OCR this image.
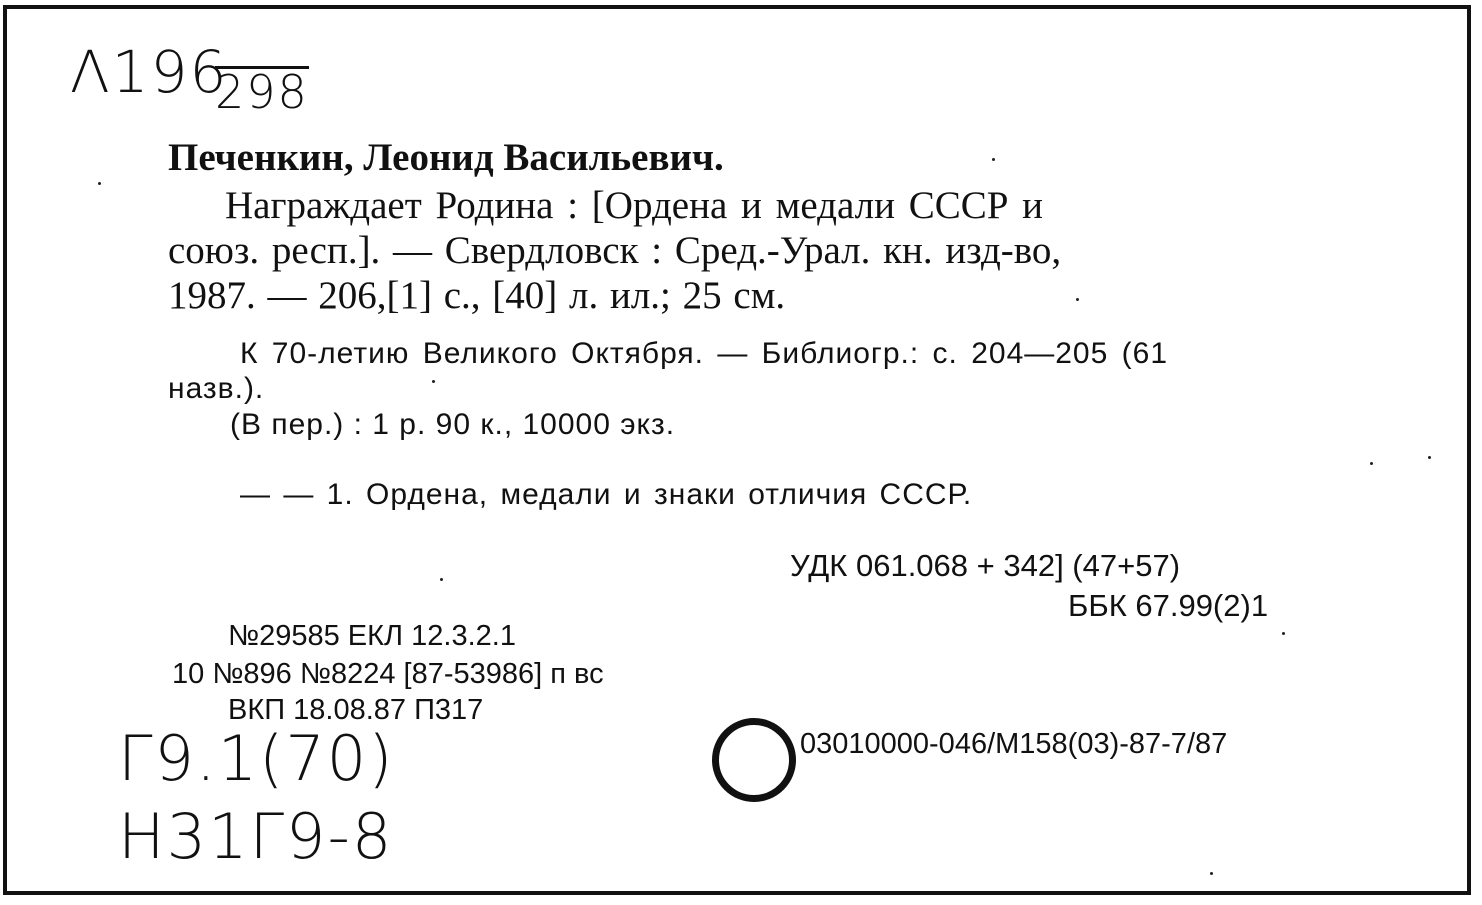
Λ196
298
Печенкин, Леонид Васильевич.
Награждает Родина : [Ордена и медали СССР и
союз. респ.]. — Свердловск : Сред.-Урал. кн. изд-во,
1987. — 206,[1] с., [40] л. ил.; 25 см.
К 70-летию Великого Октября. — Библиогр.: с. 204—205 (61
назв.).
(В пер.) : 1 р. 90 к., 10000 экз.
— — 1. Ордена, медали и знаки отличия СССР.
УДК 061.068 + 342] (47+57)
ББК 67.99(2)1
№29585 ЕКЛ 12.3.2.1
10 №896 №8224 [87-53986] п вс
ВКП 18.08.87 П317
03010000-046/М158(03)-87-7/87
Г9.1(70)
Н31Г9-8
